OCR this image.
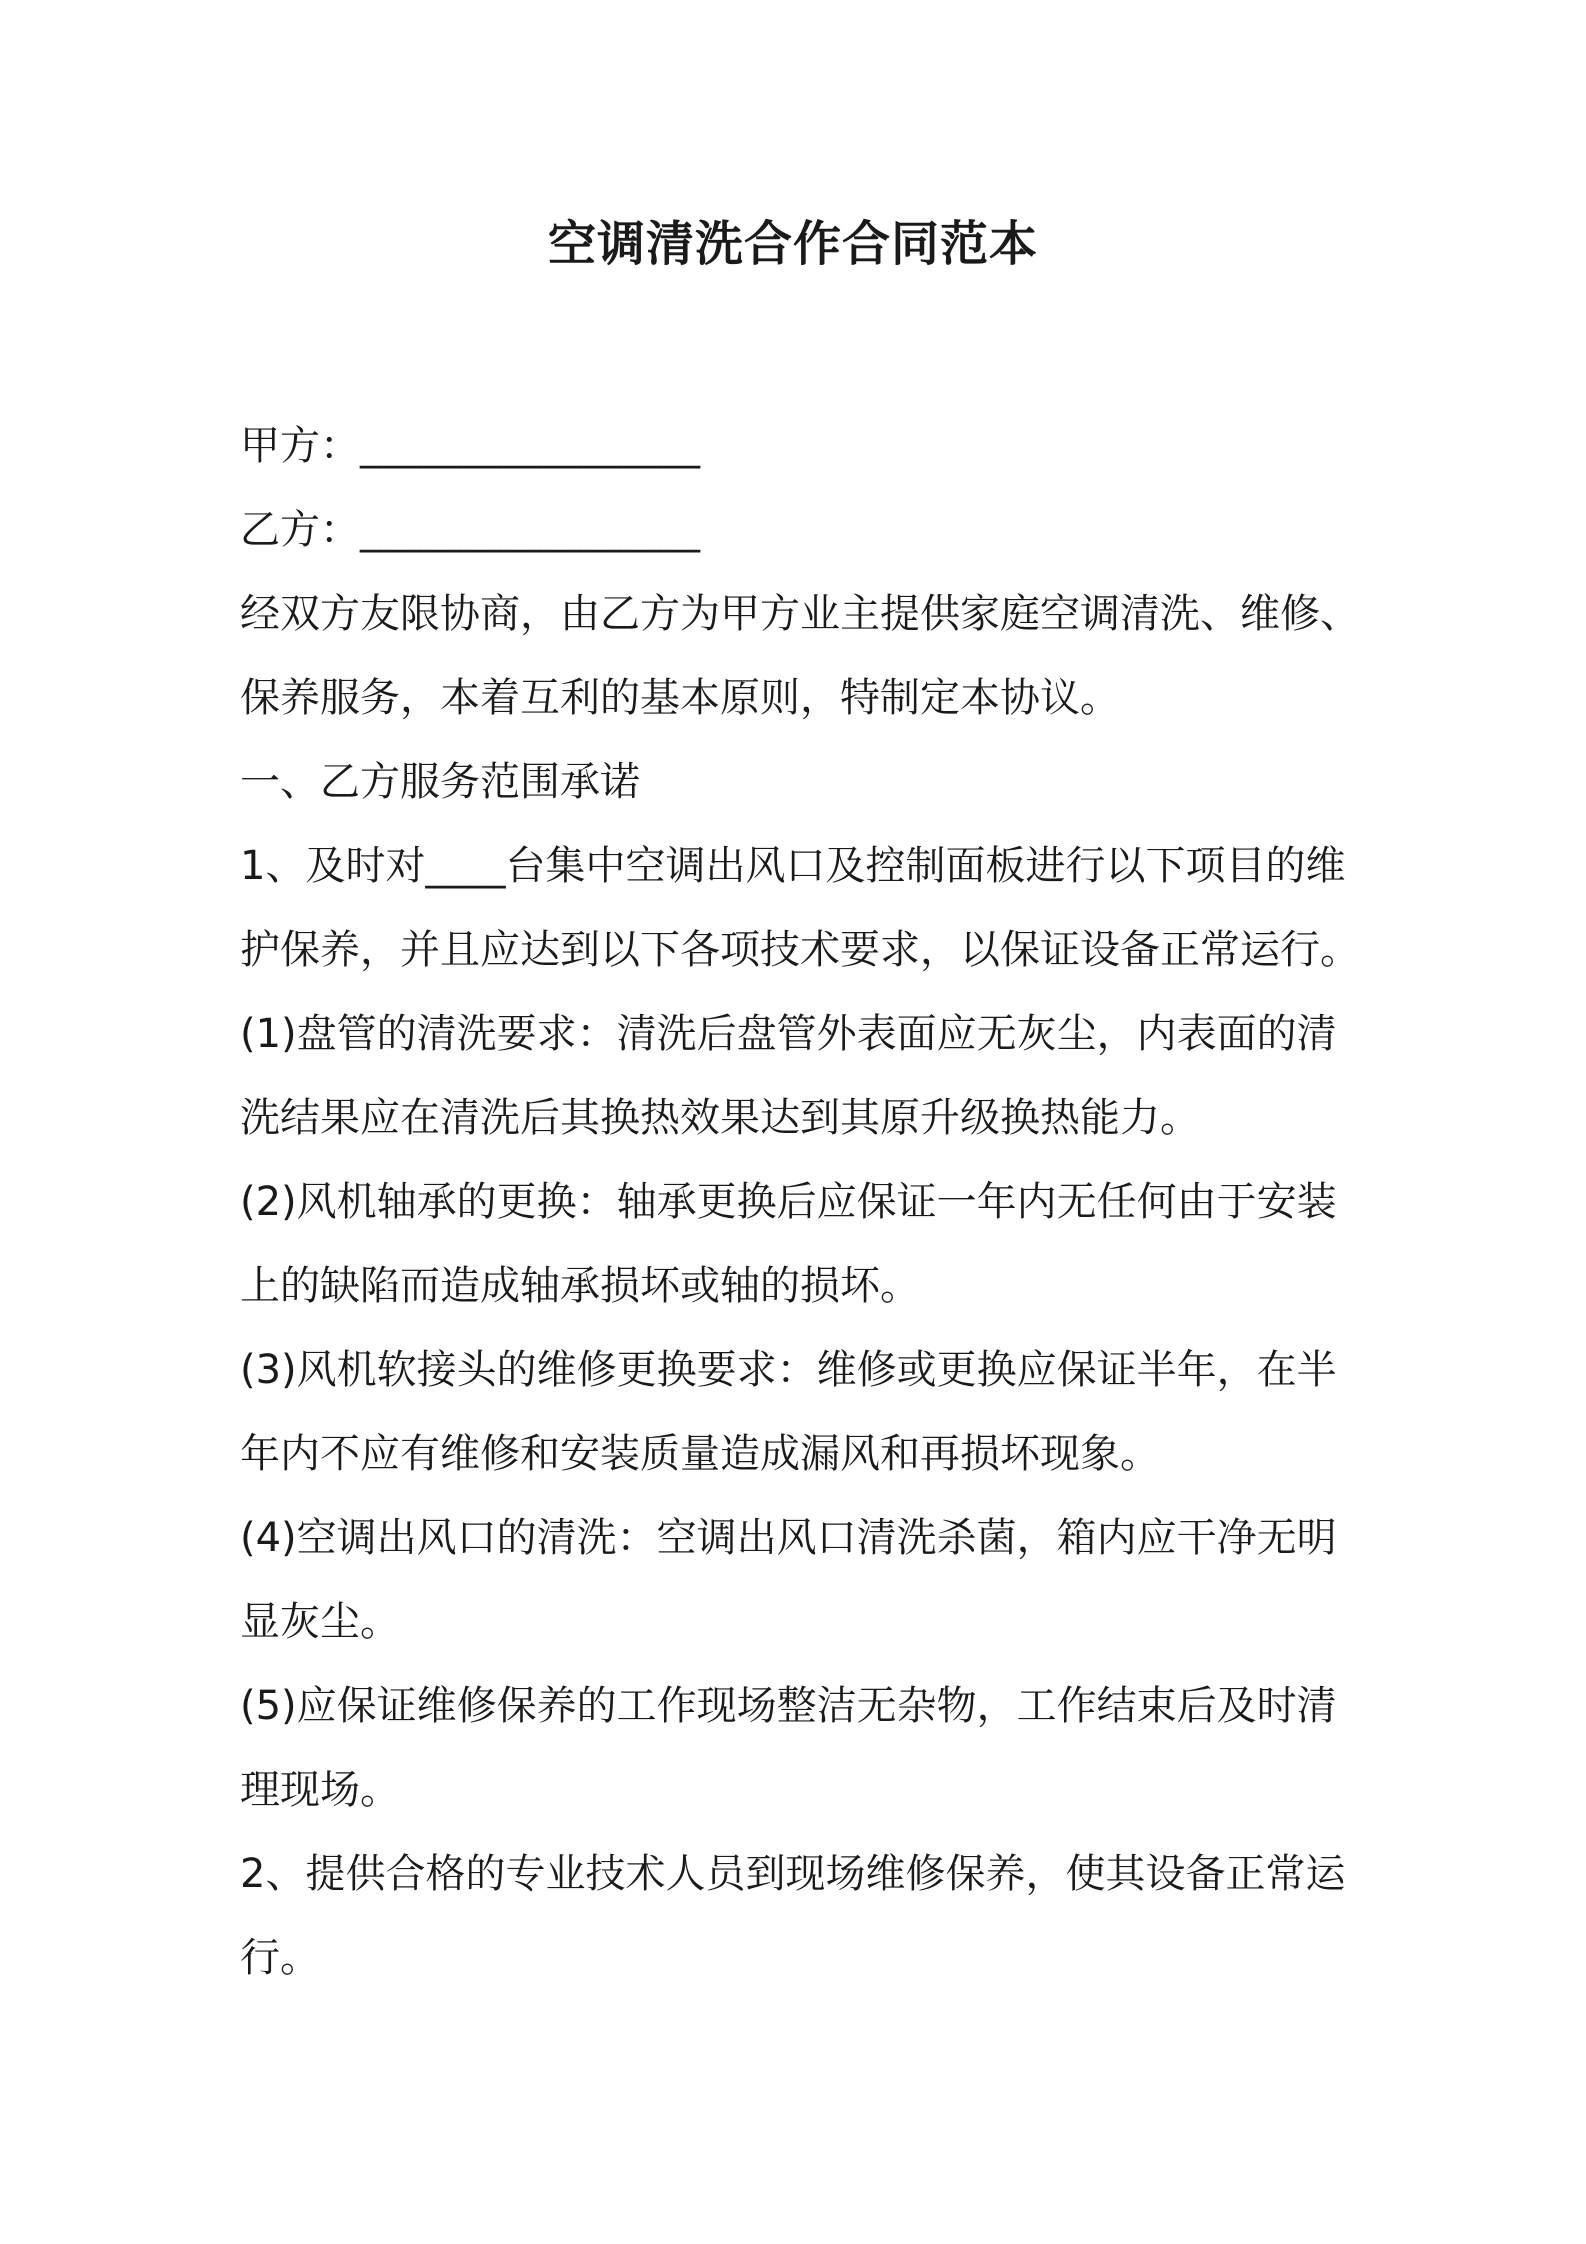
空调清洗合作合同范本
甲方：_________________
乙方：_________________
经双方友限协商，由乙方为甲方业主提供家庭空调清洗、维修、
保养服务，本着互利的基本原则，特制定本协议。
一、乙方服务范围承诺
1、及时对____台集中空调出风口及控制面板进行以下项目的维
护保养，并且应达到以下各项技术要求，以保证设备正常运行。
(1)盘管的清洗要求：清洗后盘管外表面应无灰尘，内表面的清
洗结果应在清洗后其换热效果达到其原升级换热能力。
(2)风机轴承的更换：轴承更换后应保证一年内无任何由于安装
上的缺陷而造成轴承损坏或轴的损坏。
(3)风机软接头的维修更换要求：维修或更换应保证半年，在半
年内不应有维修和安装质量造成漏风和再损坏现象。
(4)空调出风口的清洗：空调出风口清洗杀菌，箱内应干净无明
显灰尘。
(5)应保证维修保养的工作现场整洁无杂物，工作结束后及时清
理现场。
2、提供合格的专业技术人员到现场维修保养，使其设备正常运
行。
